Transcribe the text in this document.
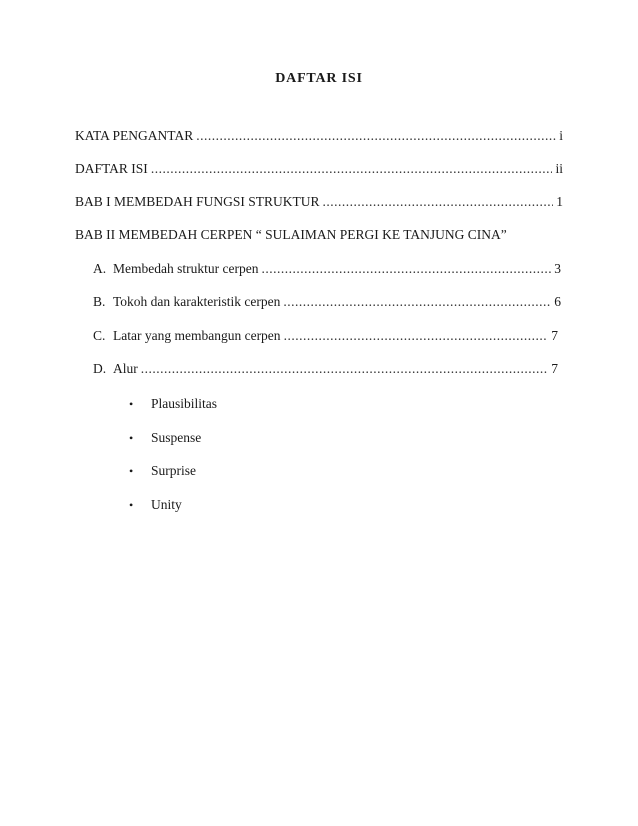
DAFTAR ISI
KATA PENGANTAR .....	i
DAFTAR ISI .....	ii
BAB I MEMBEDAH FUNGSI STRUKTUR .....	1
BAB II MEMBEDAH CERPEN “ SULAIMAN PERGI KE TANJUNG CINA”
A. Membedah struktur cerpen .....	3
B. Tokoh dan karakteristik cerpen .....	6
C. Latar yang membangun cerpen .....	7
D. Alur .....	7
• Plausibilitas
• Suspense
• Surprise
• Unity
